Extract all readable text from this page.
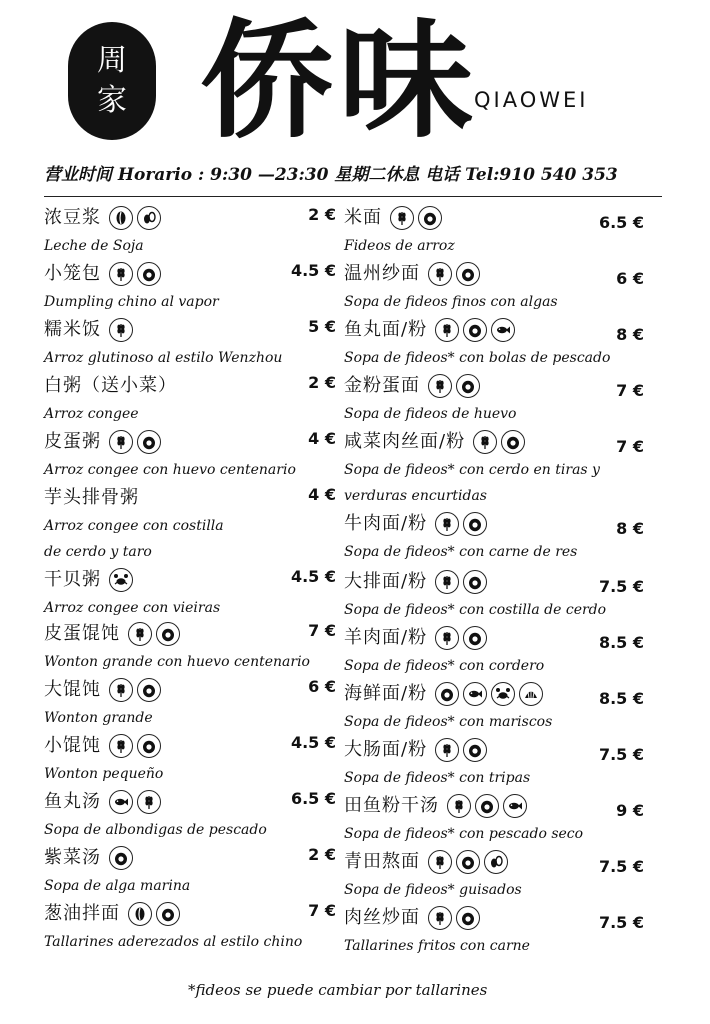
周
家 侨味
QIAOWEI
营业时间 Horario : 9:30 —23:30 星期二休息 电话 Tel:910 540 353
浓豆浆
Leche de Soja
2 €
小笼包
Dumpling chino al vapor
4.5 €
糯米饭
Arroz glutinoso al estilo Wenzhou
5 €
白粥（送小菜）
Arroz congee
2 €
皮蛋粥
Arroz congee con huevo centenario
4 €
芋头排骨粥
Arroz congee con costilla
de cerdo y taro
4 €
干贝粥
Arroz congee con vieiras
4.5 €
皮蛋馄饨
Wonton grande con huevo centenario
7 €
大馄饨
Wonton grande
6 €
小馄饨
Wonton pequeño
4.5 €
鱼丸汤
Sopa de albondigas de pescado
6.5 €
紫菜汤
Sopa de alga marina
2 €
葱油拌面
Tallarines aderezados al estilo chino
7 €
米面
Fideos de arroz
6.5 €
温州纱面
Sopa de fideos finos con algas
6 €
鱼丸面/粉
Sopa de fideos* con bolas de pescado
8 €
金粉蛋面
Sopa de fideos de huevo
7 €
咸菜肉丝面/粉
Sopa de fideos* con cerdo en tiras y
verduras encurtidas
7 €
牛肉面/粉
Sopa de fideos* con carne de res
8 €
大排面/粉
Sopa de fideos* con costilla de cerdo
7.5 €
羊肉面/粉
Sopa de fideos* con cordero
8.5 €
海鲜面/粉
Sopa de fideos* con mariscos
8.5 €
大肠面/粉
Sopa de fideos* con tripas
7.5 €
田鱼粉干汤
Sopa de fideos* con pescado seco
9 €
青田熬面
Sopa de fideos* guisados
7.5 €
肉丝炒面
Tallarines fritos con carne
7.5 €
*fideos se puede cambiar por tallarines
